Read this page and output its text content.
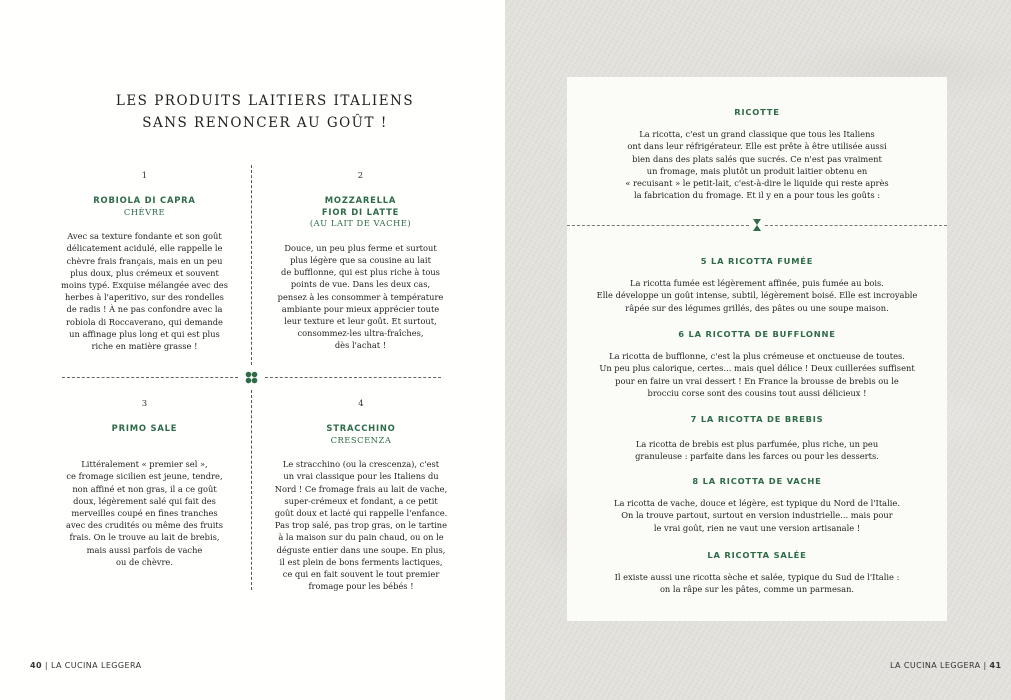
LES PRODUITS LAITIERS ITALIENS
SANS RENONCER AU GOÛT !
1
ROBIOLA DI CAPRA
CHÈVRE

Avec sa texture fondante et son goût

délicatement acidulé, elle rappelle le

chèvre frais français, mais en un peu

plus doux, plus crémeux et souvent

moins typé. Exquise mélangée avec des

herbes à l'aperitivo, sur des rondelles

de radis ! À ne pas confondre avec la

robiola di Roccaverano, qui demande

un affinage plus long et qui est plus

riche en matière grasse !

2
MOZZARELLA
FIOR DI LATTE
(AU LAIT DE VACHE)

Douce, un peu plus ferme et surtout

plus légère que sa cousine au lait

de bufflonne, qui est plus riche à tous

points de vue. Dans les deux cas,

pensez à les consommer à température

ambiante pour mieux apprécier toute

leur texture et leur goût. Et surtout,

consommez-les ultra-fraîches,

dès l'achat !

3
PRIMO SALE

Littéralement « premier sel »,

ce fromage sicilien est jeune, tendre,

non affiné et non gras, il a ce goût

doux, légèrement salé qui fait des

merveilles coupé en fines tranches

avec des crudités ou même des fruits

frais. On le trouve au lait de brebis,

mais aussi parfois de vache

ou de chèvre.

4
STRACCHINO
CRESCENZA

Le stracchino (ou la crescenza), c'est

un vrai classique pour les Italiens du

Nord ! Ce fromage frais au lait de vache,

super-crémeux et fondant, a ce petit

goût doux et lacté qui rappelle l'enfance.

Pas trop salé, pas trop gras, on le tartine

à la maison sur du pain chaud, ou on le

déguste entier dans une soupe. En plus,

il est plein de bons ferments lactiques,

ce qui en fait souvent le tout premier

fromage pour les bébés !

40 | LA CUCINA LEGGERA	LA CUCINA LEGGERA | 41
RICOTTE
La ricotta, c'est un grand classique que tous les Italiens
ont dans leur réfrigérateur. Elle est prête à être utilisée aussi
bien dans des plats salés que sucrés. Ce n'est pas vraiment
un fromage, mais plutôt un produit laitier obtenu en
« recuisant » le petit-lait, c'est-à-dire le liquide qui reste après
la fabrication du fromage. Et il y en a pour tous les goûts :
5 LA RICOTTA FUMÉE
La ricotta fumée est légèrement affinée, puis fumée au bois.
Elle développe un goût intense, subtil, légèrement boisé. Elle est incroyable
râpée sur des légumes grillés, des pâtes ou une soupe maison.
6 LA RICOTTA DE BUFFLONNE
La ricotta de bufflonne, c'est la plus crémeuse et onctueuse de toutes.
Un peu plus calorique, certes... mais quel délice ! Deux cuillerées suffisent
pour en faire un vrai dessert ! En France la brousse de brebis ou le
brocciu corse sont des cousins tout aussi délicieux !
7 LA RICOTTA DE BREBIS
La ricotta de brebis est plus parfumée, plus riche, un peu
granuleuse : parfaite dans les farces ou pour les desserts.
8 LA RICOTTA DE VACHE
La ricotta de vache, douce et légère, est typique du Nord de l'Italie.
On la trouve partout, surtout en version industrielle... mais pour
le vrai goût, rien ne vaut une version artisanale !
LA RICOTTA SALÉE
Il existe aussi une ricotta sèche et salée, typique du Sud de l'Italie :
on la râpe sur les pâtes, comme un parmesan.
